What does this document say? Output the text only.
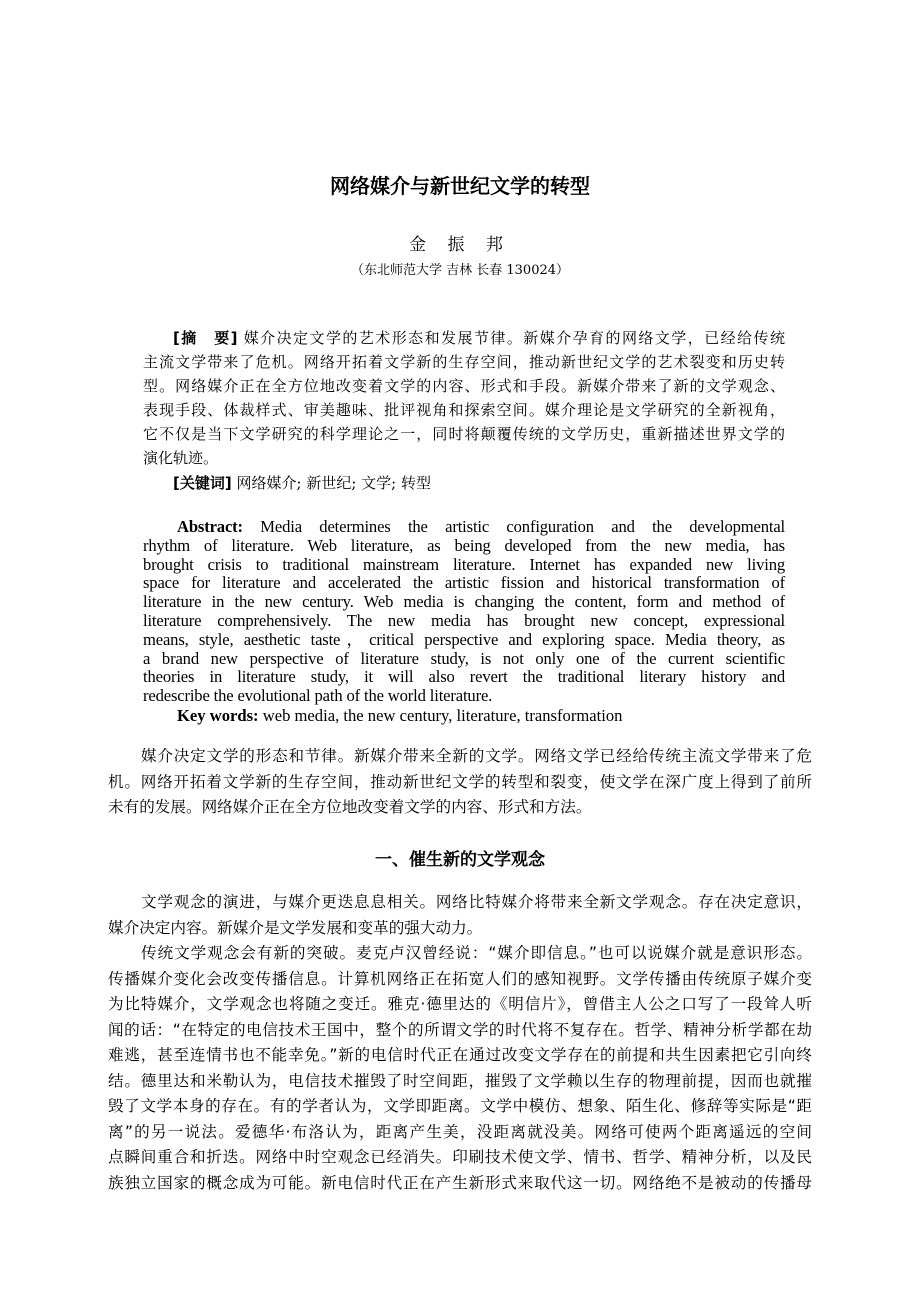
网络媒介与新世纪文学的转型
金 振 邦
（东北师范大学 吉林 长春 130024）
[摘　要] 媒介决定文学的艺术形态和发展节律。新媒介孕育的网络文学，已经给传统
主流文学带来了危机。网络开拓着文学新的生存空间，推动新世纪文学的艺术裂变和历史转
型。网络媒介正在全方位地改变着文学的内容、形式和手段。新媒介带来了新的文学观念、
表现手段、体裁样式、审美趣味、批评视角和探索空间。媒介理论是文学研究的全新视角，
它不仅是当下文学研究的科学理论之一，同时将颠覆传统的文学历史，重新描述世界文学的
演化轨迹。
[关键词] 网络媒介; 新世纪; 文学; 转型
Abstract: Media determines the artistic configuration and the developmental
rhythm of literature. Web literature, as being developed from the new media, has
brought crisis to traditional mainstream literature. Internet has expanded new living
space for literature and accelerated the artistic fission and historical transformation of
literature in the new century. Web media is changing the content, form and method of
literature comprehensively. The new media has brought new concept, expressional
means, style, aesthetic taste，critical perspective and exploring space. Media theory, as
a brand new perspective of literature study, is not only one of the current scientific
theories in literature study, it will also revert the traditional literary history and
redescribe the evolutional path of the world literature.
Key words: web media, the new century, literature, transformation
媒介决定文学的形态和节律。新媒介带来全新的文学。网络文学已经给传统主流文学带来了危
机。网络开拓着文学新的生存空间，推动新世纪文学的转型和裂变，使文学在深广度上得到了前所
未有的发展。网络媒介正在全方位地改变着文学的内容、形式和方法。
一、催生新的文学观念
文学观念的演进，与媒介更迭息息相关。网络比特媒介将带来全新文学观念。存在决定意识，
媒介决定内容。新媒介是文学发展和变革的强大动力。
传统文学观念会有新的突破。麦克卢汉曾经说：“媒介即信息。”也可以说媒介就是意识形态。
传播媒介变化会改变传播信息。计算机网络正在拓宽人们的感知视野。文学传播由传统原子媒介变
为比特媒介，文学观念也将随之变迁。雅克·德里达的《明信片》，曾借主人公之口写了一段耸人听
闻的话：“在特定的电信技术王国中，整个的所谓文学的时代将不复存在。哲学、精神分析学都在劫
难逃，甚至连情书也不能幸免。”新的电信时代正在通过改变文学存在的前提和共生因素把它引向终
结。德里达和米勒认为，电信技术摧毁了时空间距，摧毁了文学赖以生存的物理前提，因而也就摧
毁了文学本身的存在。有的学者认为，文学即距离。文学中模仿、想象、陌生化、修辞等实际是“距
离”的另一说法。爱德华·布洛认为，距离产生美，没距离就没美。网络可使两个距离遥远的空间
点瞬间重合和折迭。网络中时空观念已经消失。印刷技术使文学、情书、哲学、精神分析，以及民
族独立国家的概念成为可能。新电信时代正在产生新形式来取代这一切。网络绝不是被动的传播母
